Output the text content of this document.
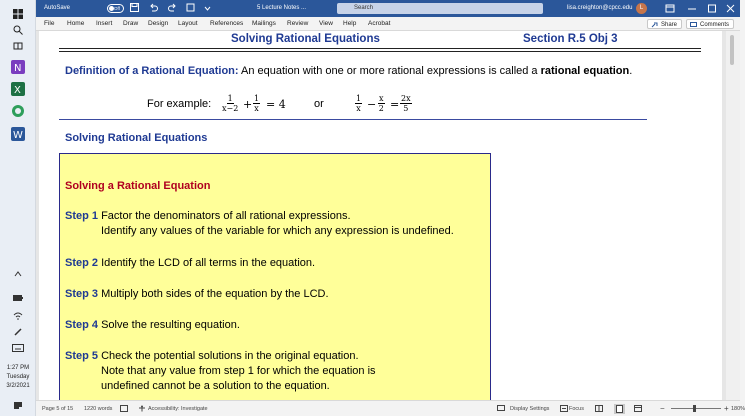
N
X
W
1:27 PM
Tuesday
3/2/2021
AutoSave	Off	5 Lecture Notes ...	Search	lisa.creighton@cpcc.edu	L
File Home Insert Draw Design Layout References Mailings Review View Help Acrobat	Share	Comments
Solving Rational Equations	Section R.5 Obj 3
Definition of a Rational Equation: An equation with one or more rational expressions is called a rational equation.
For example: $\frac{1}{x-2} + \frac{1}{x} = 4$	or	$\frac{1}{x} - \frac{x}{2} = \frac{2x}{5}$
Solving Rational Equations
Solving a Rational Equation
Step 1 Factor the denominators of all rational expressions.
Identify any values of the variable for which any expression is undefined.
Step 2 Identify the LCD of all terms in the equation.
Step 3 Multiply both sides of the equation by the LCD.
Step 4 Solve the resulting equation.
Step 5 Check the potential solutions in the original equation.
Note that any value from step 1 for which the equation is
undefined cannot be a solution to the equation.
Page 5 of 15 1220 words	Accessibility: Investigate	Display Settings	Focus	−	+ 180%
